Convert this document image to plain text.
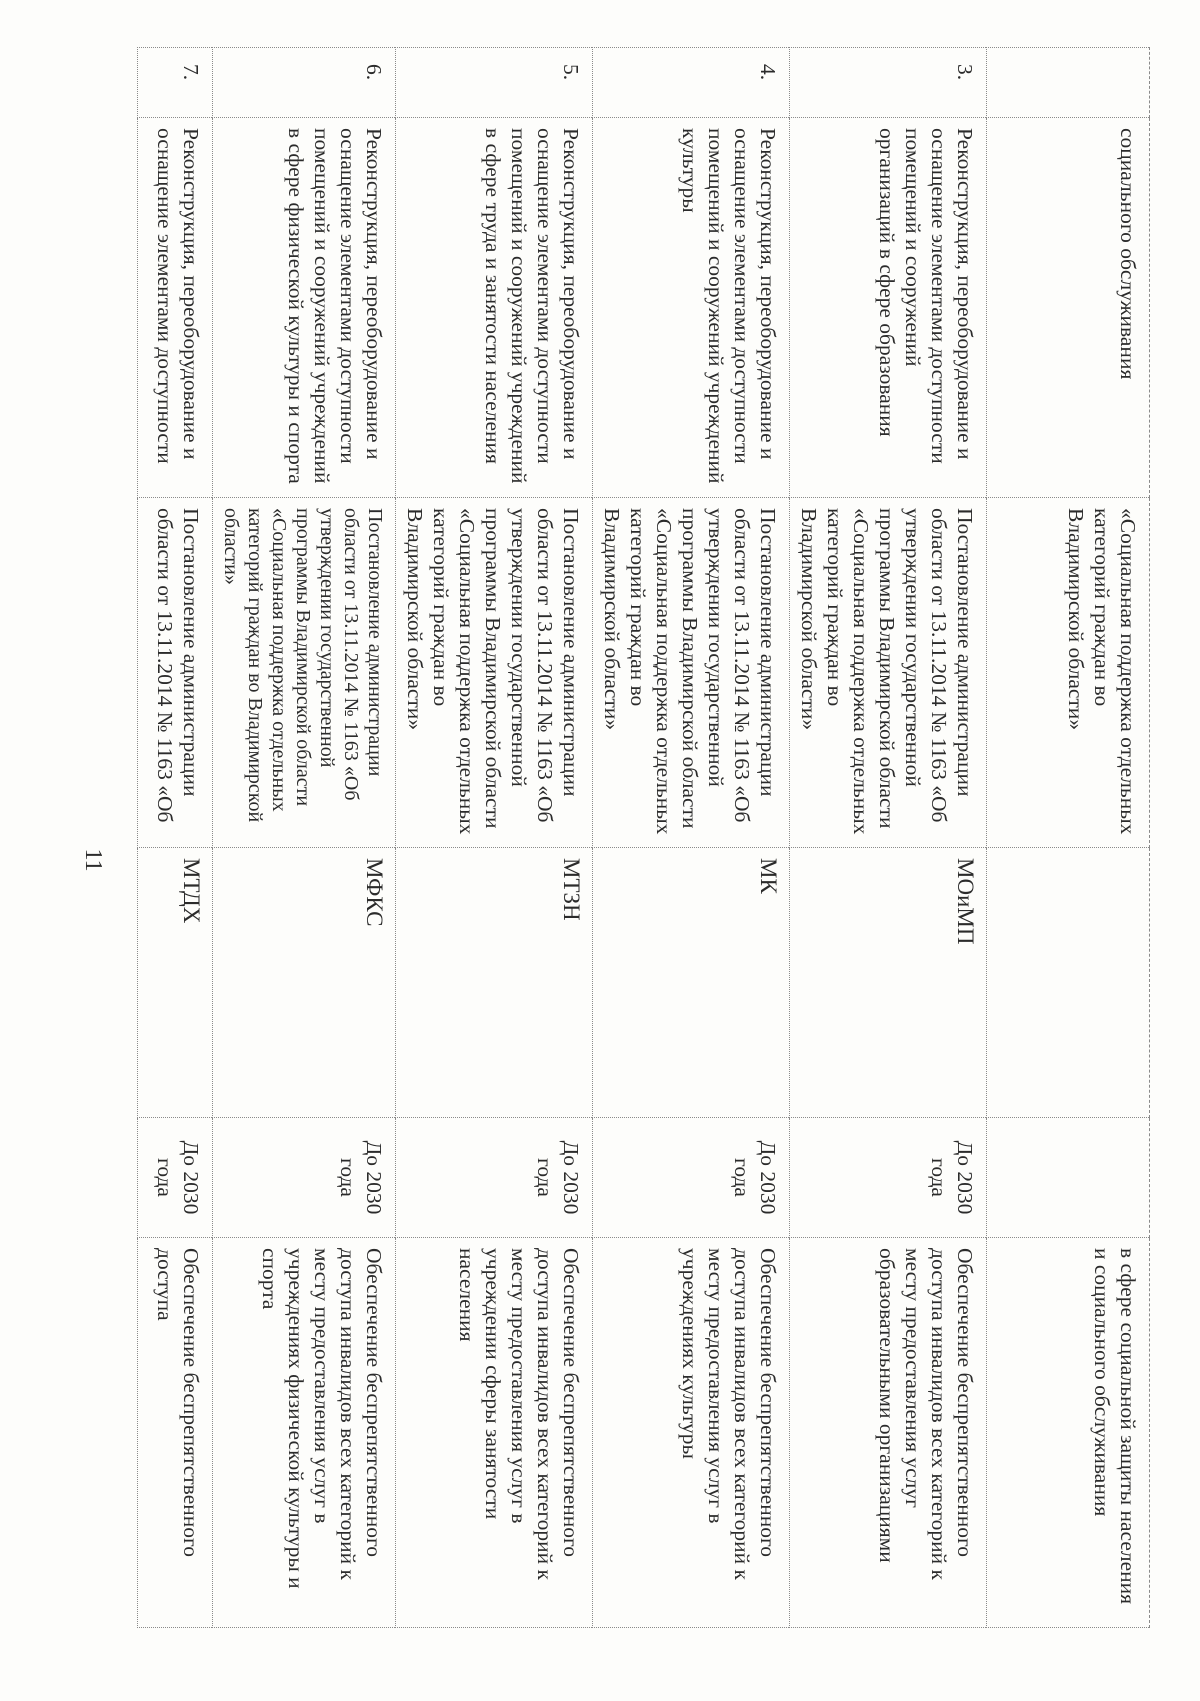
11
	социального обслуживания	«Социальная поддержка отдельных категорий граждан во Владимирской области»			в сфере социальной защиты населения и социального обслуживания
3.	Реконструкция, переоборудование и оснащение элементами доступности помещений и сооружений организаций в сфере образования	Постановление администрации области от 13.11.2014 № 1163 «Об утверждении государственной программы Владимирской области «Социальная поддержка отдельных категорий граждан во Владимирской области»	МОиМП	До 2030 года	Обеспечение беспрепятственного доступа инвалидов всех категорий к месту предоставления услуг образовательными организациями
4.	Реконструкция, переоборудование и оснащение элементами доступности помещений и сооружений учреждений культуры	Постановление администрации области от 13.11.2014 № 1163 «Об утверждении государственной программы Владимирской области «Социальная поддержка отдельных категорий граждан во Владимирской области»	МК	До 2030 года	Обеспечение беспрепятственного доступа инвалидов всех категорий к месту предоставления услуг в учреждениях культуры
5.	Реконструкция, переоборудование и оснащение элементами доступности помещений и сооружений учреждений в сфере труда и занятости населения	Постановление администрации области от 13.11.2014 № 1163 «Об утверждении государственной программы Владимирской области «Социальная поддержка отдельных категорий граждан во Владимирской области»	МТЗН	До 2030 года	Обеспечение беспрепятственного доступа инвалидов всех категорий к месту предоставления услуг в учреждении сферы занятости населения
6.	Реконструкция, переоборудование и оснащение элементами доступности помещений и сооружений учреждений в сфере физической культуры и спорта	Постановление администрации области от 13.11.2014 № 1163 «Об утверждении государственной программы Владимирской области «Социальная поддержка отдельных категорий граждан во Владимирской области»	МФКС	До 2030 года	Обеспечение беспрепятственного доступа инвалидов всех категорий к месту предоставления услуг в учреждениях физической культуры и спорта
7.	Реконструкция, переоборудование и оснащение элементами доступности	Постановление администрации области от 13.11.2014 № 1163 «Об	МТДХ	До 2030 года	Обеспечение беспрепятственного доступа
